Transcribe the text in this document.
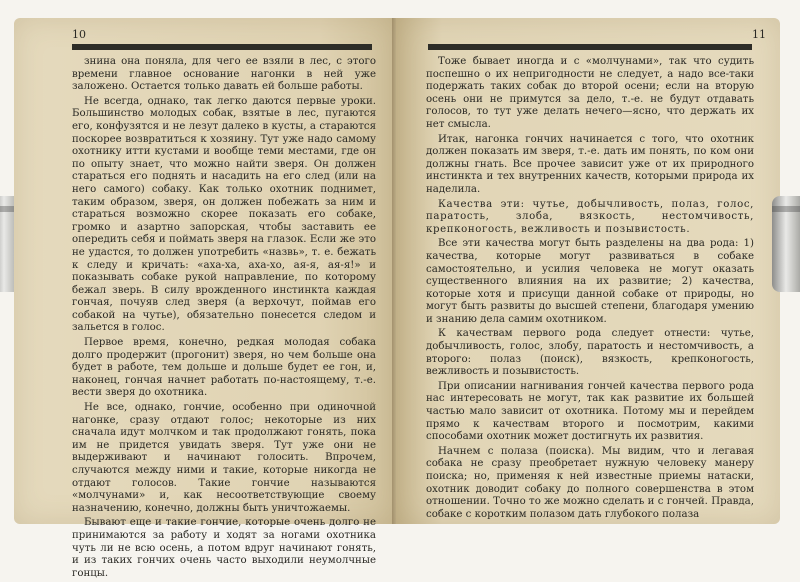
10

знина она поняла, для чего ее взяли в лес, с этого времени главное основание нагонки в ней уже заложено. Остается только давать ей больше работы.

Не всегда, однако, так легко даются первые уроки. Большинство молодых собак, взятые в лес, пугаются его, конфузятся и не лезут далеко в кусты, а стараются поскорее возвратиться к хозяину. Тут уже надо самому охотнику итти кустами и вообще теми местами, где он по опыту знает, что можно найти зверя. Он должен стараться его поднять и насадить на его след (или на него самого) собаку. Как только охотник поднимет, таким образом, зверя, он должен побежать за ним и стараться возможно скорее показать его собаке, громко и азартно запорская, чтобы заставить ее опередить себя и поймать зверя на глазок. Если же это не удастся, то должен употребить «назвь», т. е. бежать к следу и кричать: «аха-ха, аха-хо, ая-я, ая-я!» и показывать собаке рукой направление, по которому бежал зверь. В силу врожденного инстинкта каждая гончая, почуяв след зверя (а верхочут, поймав его собакой на чутье), обязательно понесется следом и зальется в голос.

Первое время, конечно, редкая молодая собака долго продержит (прогонит) зверя, но чем больше она будет в работе, тем дольше и дольше будет ее гон, и, наконец, гончая начнет работать по-настоящему, т.-е. вести зверя до охотника.

Не все, однако, гончие, особенно при одиночной нагонке, сразу отдают голос; некоторые из них сначала идут молчком и так продолжают гонять, пока им не придется увидать зверя. Тут уже они не выдерживают и начинают голосить. Впрочем, случаются между ними и такие, которые никогда не отдают голосов. Такие гончие называются «молчунами» и, как несоответствующие своему назначению, конечно, должны быть уничтожаемы.

Бывают еще и такие гончие, которые очень долго не принимаются за работу и ходят за ногами охотника чуть ли не всю осень, а потом вдруг начинают гонять, и из таких гончих очень часто выходили неумолчные гонцы.

11

Тоже бывает иногда и с «молчунами», так что судить поспешно о их непригодности не следует, а надо все-таки подержать таких собак до второй осени; если на вторую осень они не примутся за дело, т.-е. не будут отдавать голосов, то тут уже делать нечего—ясно, что держать их нет смысла.

Итак, нагонка гончих начинается с того, что охотник должен показать им зверя, т.-е. дать им понять, по ком они должны гнать. Все прочее зависит уже от их природного инстинкта и тех внутренних качеств, которыми природа их наделила.

Качества эти: чутье, добычливость, полаз, голос, паратость, злоба, вязкость, нестомчивость, крепконогость, вежливость и позывистость.

Все эти качества могут быть разделены на два рода: 1) качества, которые могут развиваться в собаке самостоятельно, и усилия человека не могут оказать существенного влияния на их развитие; 2) качества, которые хотя и присущи данной собаке от природы, но могут быть развиты до высшей степени, благодаря умению и знанию дела самим охотником.

К качествам первого рода следует отнести: чутье, добычливость, голос, злобу, паратость и нестомчивость, а второго: полаз (поиск), вязкость, крепконогость, вежливость и позывистость.

При описании нагнивания гончей качества первого рода нас интересовать не могут, так как развитие их большей частью мало зависит от охотника. Потому мы и перейдем прямо к качествам второго и посмотрим, какими способами охотник может достигнуть их развития.

Начнем с полаза (поиска). Мы видим, что и легавая собака не сразу преобретает нужную человеку манеру поиска; но, применяя к ней известные приемы натаски, охотник доводит собаку до полного совершенства в этом отношении. Точно то же можно сделать и с гончей. Правда, собаке с коротким полазом дать глубокого полаза
